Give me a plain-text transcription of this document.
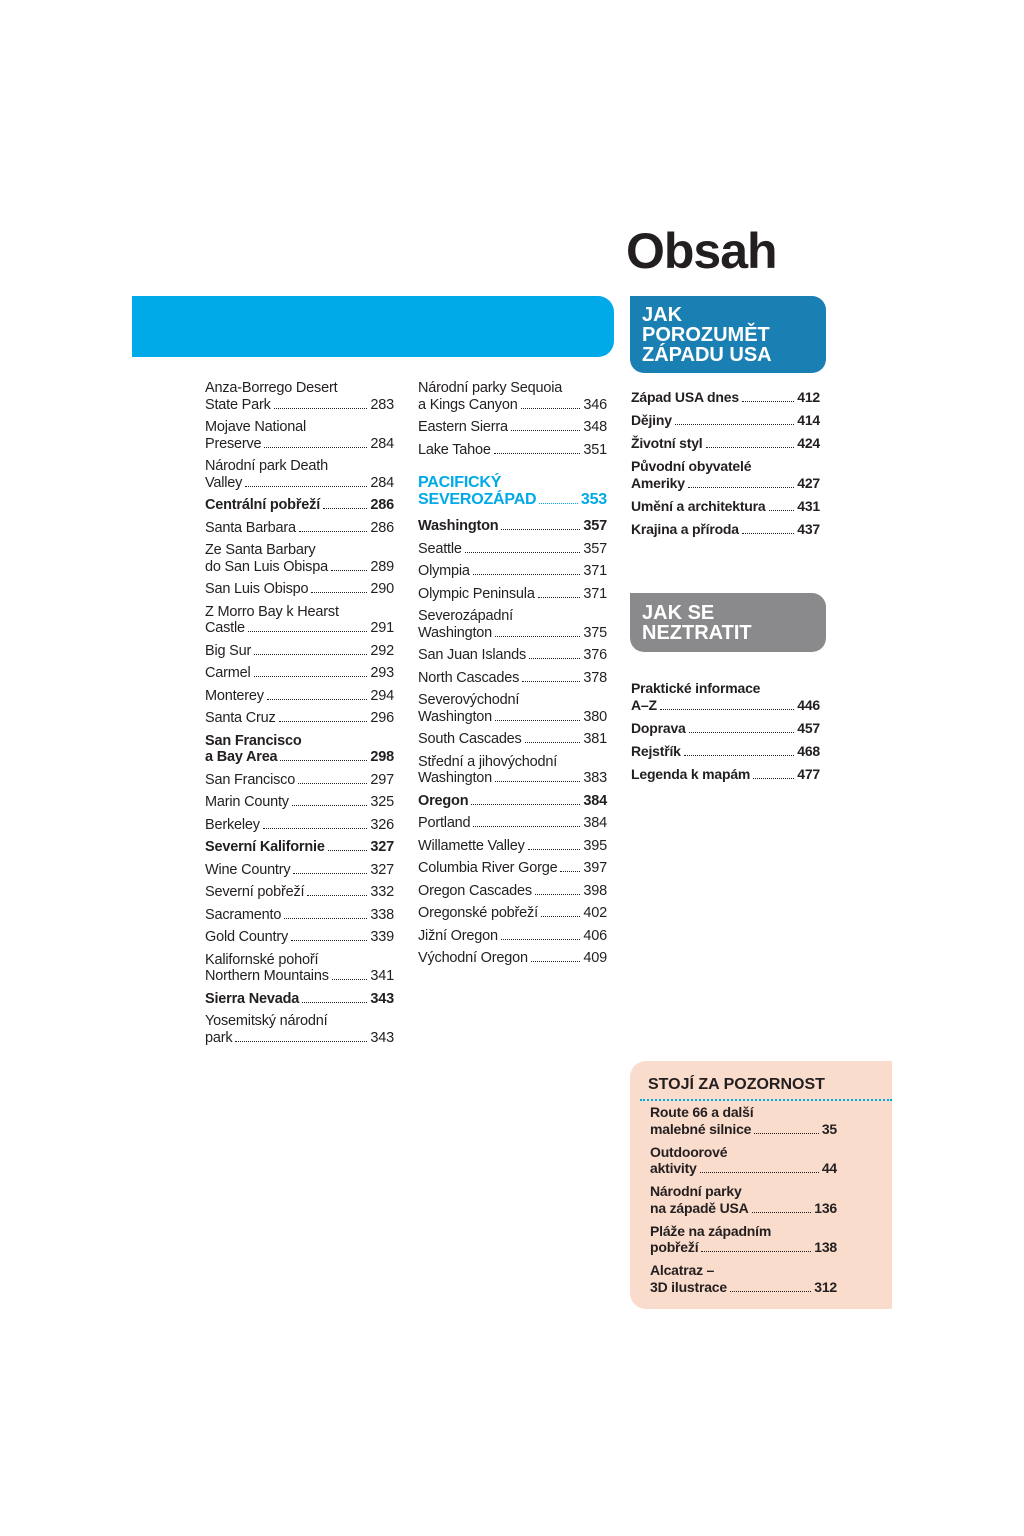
Obsah
JAK
POROZUMĚT
ZÁPADU USA
JAK SE
NEZTRATIT
Anza-Borrego Desert
State Park	283
Mojave National
Preserve	284
Národní park Death
Valley	284
Centrální pobřeží	286
Santa Barbara	286
Ze Santa Barbary
do San Luis Obispa	289
San Luis Obispo	290
Z Morro Bay k Hearst
Castle	291
Big Sur	292
Carmel	293
Monterey	294
Santa Cruz	296
San Francisco
a Bay Area	298
San Francisco	297
Marin County	325
Berkeley	326
Severní Kalifornie	327
Wine Country	327
Severní pobřeží	332
Sacramento	338
Gold Country	339
Kalifornské pohoří
Northern Mountains	341
Sierra Nevada	343
Yosemitský národní
park	343
Národní parky Sequoia
a Kings Canyon	346
Eastern Sierra	348
Lake Tahoe	351
PACIFICKÝ
SEVEROZÁPAD	353
Washington	357
Seattle	357
Olympia	371
Olympic Peninsula	371
Severozápadní
Washington	375
San Juan Islands	376
North Cascades	378
Severovýchodní
Washington	380
South Cascades	381
Střední a jihovýchodní
Washington	383
Oregon	384
Portland	384
Willamette Valley	395
Columbia River Gorge 397
Oregon Cascades	398
Oregonské pobřeží	402
Jižní Oregon	406
Východní Oregon	409
Západ USA dnes	412
Dějiny	414
Životní styl	424
Původní obyvatelé
Ameriky	427
Umění a architektura 431
Krajina a příroda	437
Praktické informace
A–Z	446
Doprava	457
Rejstřík	468
Legenda k mapám	477
STOJÍ ZA POZORNOST
Route 66 a další
malebné silnice	35
Outdoorové
aktivity	44
Národní parky
na západě USA	136
Pláže na západním
pobřeží	138
Alcatraz –
3D ilustrace	312
